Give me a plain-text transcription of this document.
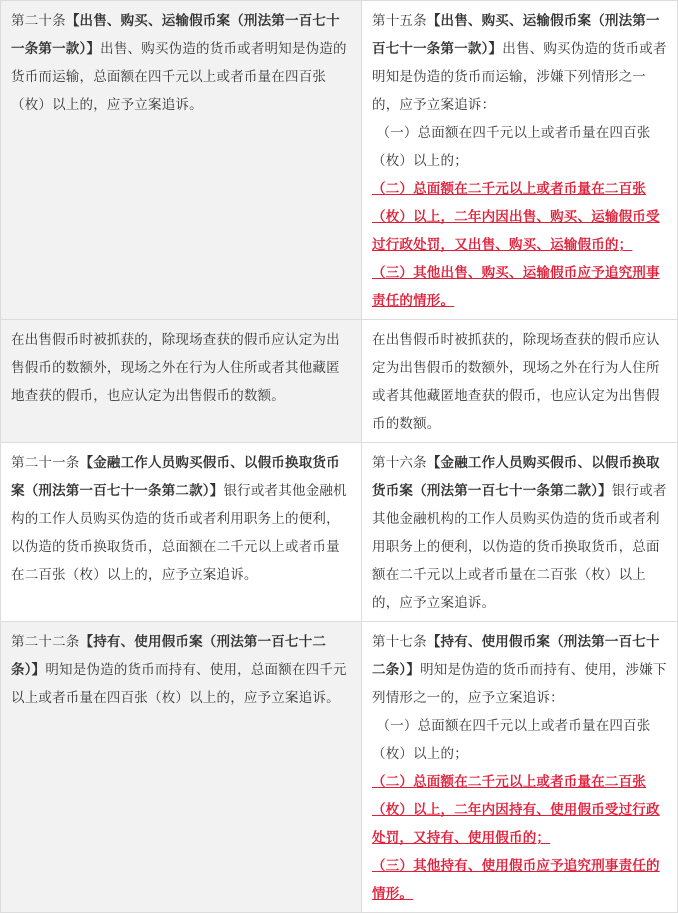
第二十条【出售、购买、运输假币案（刑法第一百七十一条第一款）】出售、购买伪造的货币或者明知是伪造的货币而运输，总面额在四千元以上或者币量在四百张（枚）以上的，应予立案追诉。	第十五条【出售、购买、运输假币案（刑法第一百七十一条第一款）】出售、购买伪造的货币或者明知是伪造的货币而运输，涉嫌下列情形之一的，应予立案追诉：
（一）总面额在四千元以上或者币量在四百张（枚）以上的；
（二）总面额在二千元以上或者币量在二百张（枚）以上，二年内因出售、购买、运输假币受过行政处罚，又出售、购买、运输假币的；
（三）其他出售、购买、运输假币应予追究刑事责任的情形。
在出售假币时被抓获的，除现场查获的假币应认定为出售假币的数额外，现场之外在行为人住所或者其他藏匿地查获的假币，也应认定为出售假币的数额。	在出售假币时被抓获的，除现场查获的假币应认定为出售假币的数额外，现场之外在行为人住所或者其他藏匿地查获的假币，也应认定为出售假币的数额。
第二十一条【金融工作人员购买假币、以假币换取货币案（刑法第一百七十一条第二款）】银行或者其他金融机构的工作人员购买伪造的货币或者利用职务上的便利，以伪造的货币换取货币，总面额在二千元以上或者币量在二百张（枚）以上的，应予立案追诉。	第十六条【金融工作人员购买假币、以假币换取货币案（刑法第一百七十一条第二款）】银行或者其他金融机构的工作人员购买伪造的货币或者利用职务上的便利，以伪造的货币换取货币，总面额在二千元以上或者币量在二百张（枚）以上的，应予立案追诉。
第二十二条【持有、使用假币案（刑法第一百七十二条）】明知是伪造的货币而持有、使用，总面额在四千元以上或者币量在四百张（枚）以上的，应予立案追诉。	第十七条【持有、使用假币案（刑法第一百七十二条）】明知是伪造的货币而持有、使用，涉嫌下列情形之一的，应予立案追诉：
（一）总面额在四千元以上或者币量在四百张（枚）以上的；
（二）总面额在二千元以上或者币量在二百张（枚）以上，二年内因持有、使用假币受过行政处罚，又持有、使用假币的；
（三）其他持有、使用假币应予追究刑事责任的情形。
